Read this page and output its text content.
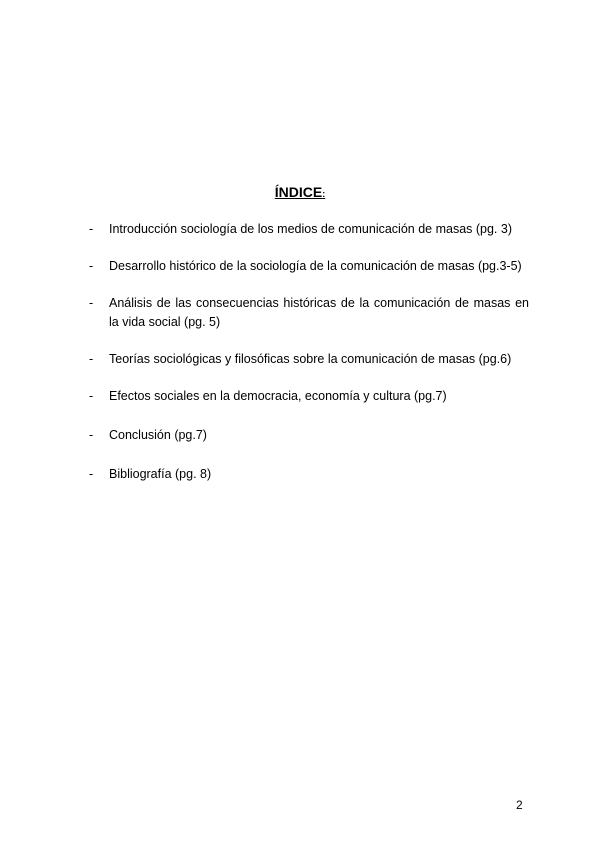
ÍNDICE:
- Introducción sociología de los medios de comunicación de masas (pg. 3)
- Desarrollo histórico de la sociología de la comunicación de masas (pg.3-5)
- Análisis de las consecuencias históricas de la comunicación de masas en la vida social (pg. 5)
- Teorías sociológicas y filosóficas sobre la comunicación de masas (pg.6)
- Efectos sociales en la democracia, economía y cultura (pg.7)
- Conclusión (pg.7)
- Bibliografía (pg. 8)
2
